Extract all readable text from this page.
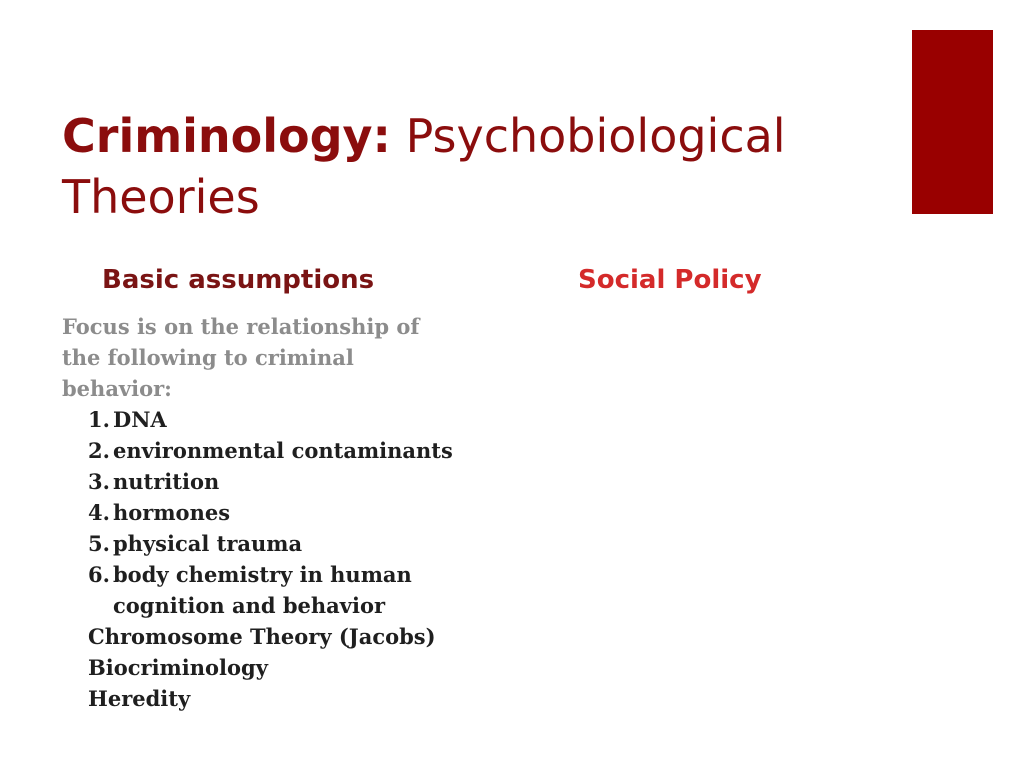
Criminology: Psychobiological Theories
Basic assumptions	Social Policy

Focus is on the relationship of the following to criminal behavior:

1. DNA
2. environmental contaminants
3. nutrition
4. hormones
5. physical trauma
6. body chemistry in human cognition and behavior
Chromosome Theory (Jacobs)
Biocriminology
Heredity
